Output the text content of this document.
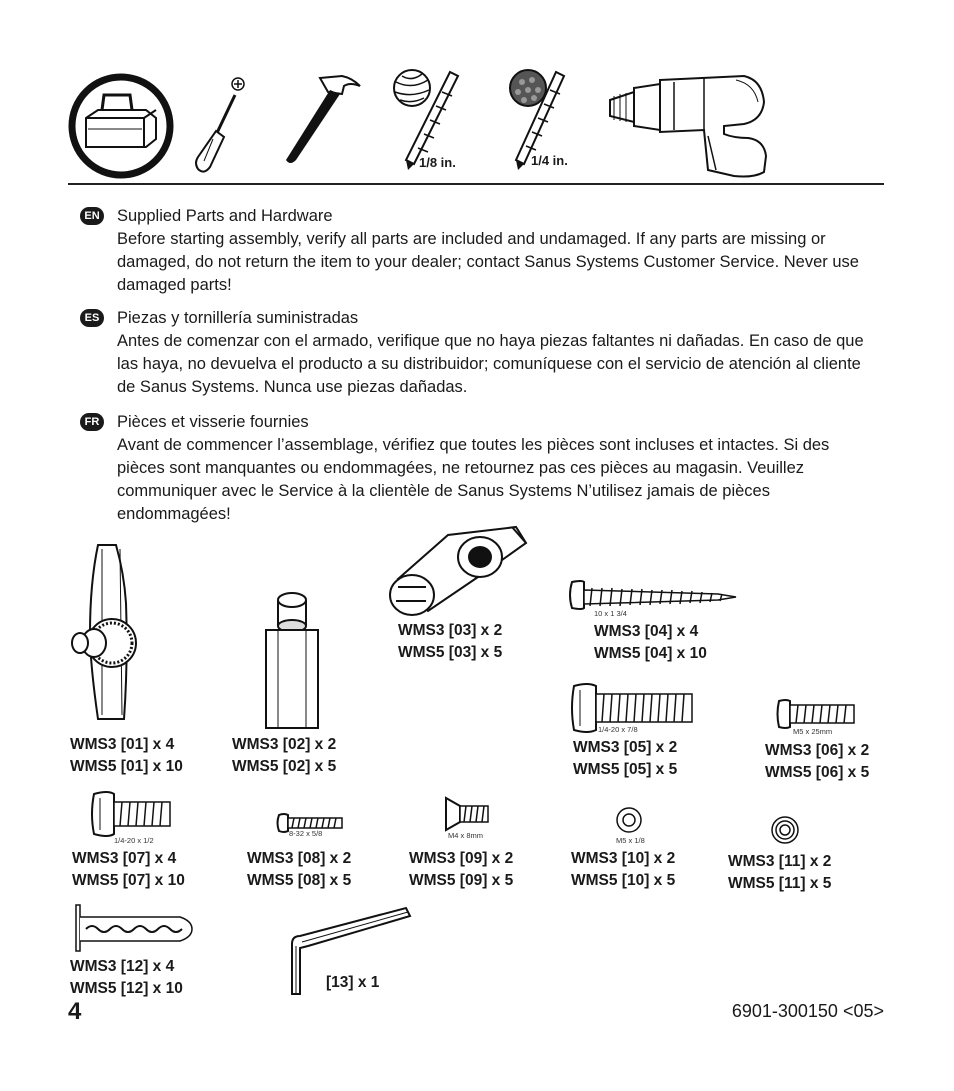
1/8 in.	1/4 in.
EN Supplied Parts and Hardware
Before starting assembly, verify all parts are included and undamaged. If any parts are missing or damaged, do not return the item to your dealer; contact Sanus Systems Customer Service. Never use damaged parts!
ES Piezas y tornillería suministradas
Antes de comenzar con el armado, verifique que no haya piezas faltantes ni dañadas. En caso de que las haya, no devuelva el producto a su distribuidor; comuníquese con el servicio de atención al cliente de Sanus Systems. Nunca use piezas dañadas.
FR Pièces et visserie fournies
Avant de commencer l’assemblage, vérifiez que toutes les pièces sont incluses et intactes. Si des pièces sont manquantes ou endommagées, ne retournez pas ces pièces au magasin. Veuillez communiquer avec le Service à la clientèle de Sanus Systems N’utilisez jamais de pièces endommagées!
WMS3 [01] x 4
WMS5 [01] x 10
WMS3 [02] x 2
WMS5 [02] x 5
WMS3 [03] x 2
WMS5 [03] x 5
10 x 1 3/4
WMS3 [04] x 4
WMS5 [04] x 10
1/4-20 x 7/8
WMS3 [05] x 2
WMS5 [05] x 5
M5 x 25mm
WMS3 [06] x 2
WMS5 [06] x 5
1/4-20 x 1/2
WMS3 [07] x 4
WMS5 [07] x 10
8-32 x 5/8
WMS3 [08] x 2
WMS5 [08] x 5
M4 x 8mm
WMS3 [09] x 2
WMS5 [09] x 5
M5 x 1/8
WMS3 [10] x 2
WMS5 [10] x 5
WMS3 [11] x 2
WMS5 [11] x 5
WMS3 [12] x 4
WMS5 [12] x 10	[13] x 1
4	6901-300150 <05>
